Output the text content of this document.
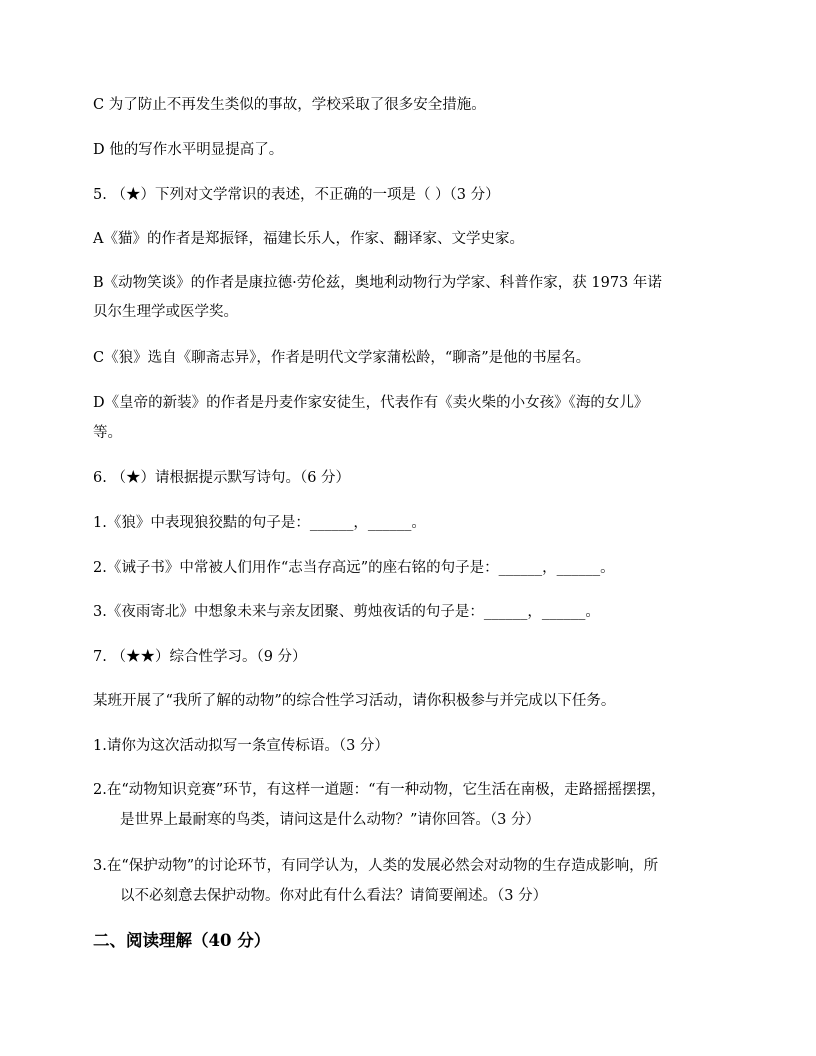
C 为了防止不再发生类似的事故，学校采取了很多安全措施。

D 他的写作水平明显提高了。

5. （★）下列对文学常识的表述，不正确的一项是（ ）（3 分）

A《猫》的作者是郑振铎，福建长乐人，作家、翻译家、文学史家。

B《动物笑谈》的作者是康拉德·劳伦兹，奥地利动物行为学家、科普作家，获 1973 年诺

贝尔生理学或医学奖。

C《狼》选自《聊斋志异》，作者是明代文学家蒲松龄，“聊斋”是他的书屋名。

D《皇帝的新装》的作者是丹麦作家安徒生，代表作有《卖火柴的小女孩》《海的女儿》

等。

6. （★）请根据提示默写诗句。（6 分）

1.《狼》中表现狼狡黠的句子是：______，______。

2.《诫子书》中常被人们用作“志当存高远”的座右铭的句子是：______，______。

3.《夜雨寄北》中想象未来与亲友团聚、剪烛夜话的句子是：______，______。

7. （★★）综合性学习。（9 分）

某班开展了“我所了解的动物”的综合性学习活动，请你积极参与并完成以下任务。

1.请你为这次活动拟写一条宣传标语。（3 分）

2.在“动物知识竞赛”环节，有这样一道题：“有一种动物，它生活在南极，走路摇摇摆摆，

是世界上最耐寒的鸟类，请问这是什么动物？”请你回答。（3 分）

3.在“保护动物”的讨论环节，有同学认为，人类的发展必然会对动物的生存造成影响，所

以不必刻意去保护动物。你对此有什么看法？请简要阐述。（3 分）

二、阅读理解（40 分）
